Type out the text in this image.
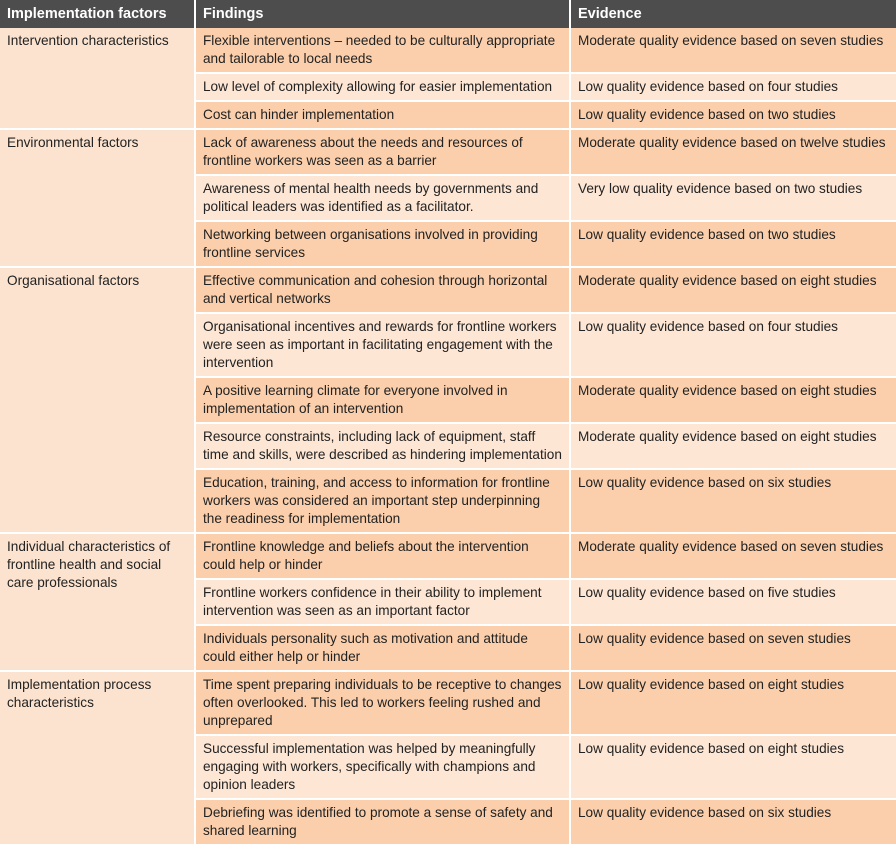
Implementation factors	Findings	Evidence
Intervention characteristics	Flexible interventions – needed to be culturally appropriate and tailorable to local needs	Moderate quality evidence based on seven studies
	Low level of complexity allowing for easier implementation	Low quality evidence based on four studies
	Cost can hinder implementation	Low quality evidence based on two studies
Environmental factors	Lack of awareness about the needs and resources of frontline workers was seen as a barrier	Moderate quality evidence based on twelve studies
	Awareness of mental health needs by governments and political leaders was identified as a facilitator.	Very low quality evidence based on two studies
	Networking between organisations involved in providing frontline services	Low quality evidence based on two studies
Organisational factors	Effective communication and cohesion through horizontal and vertical networks	Moderate quality evidence based on eight studies
	Organisational incentives and rewards for frontline workers were seen as important in facilitating engagement with the intervention	Low quality evidence based on four studies
	A positive learning climate for everyone involved in implementation of an intervention	Moderate quality evidence based on eight studies
	Resource constraints, including lack of equipment, staff time and skills, were described as hindering implementation	Moderate quality evidence based on eight studies
	Education, training, and access to information for frontline workers was considered an important step underpinning the readiness for implementation	Low quality evidence based on six studies
Individual characteristics of frontline health and social care professionals	Frontline knowledge and beliefs about the intervention could help or hinder	Moderate quality evidence based on seven studies
	Frontline workers confidence in their ability to implement intervention was seen as an important factor	Low quality evidence based on five studies
	Individuals personality such as motivation and attitude could either help or hinder	Low quality evidence based on seven studies
Implementation process characteristics	Time spent preparing individuals to be receptive to changes often overlooked. This led to workers feeling rushed and unprepared	Low quality evidence based on eight studies
	Successful implementation was helped by meaningfully engaging with workers, specifically with champions and opinion leaders	Low quality evidence based on eight studies
	Debriefing was identified to promote a sense of safety and shared learning	Low quality evidence based on six studies
